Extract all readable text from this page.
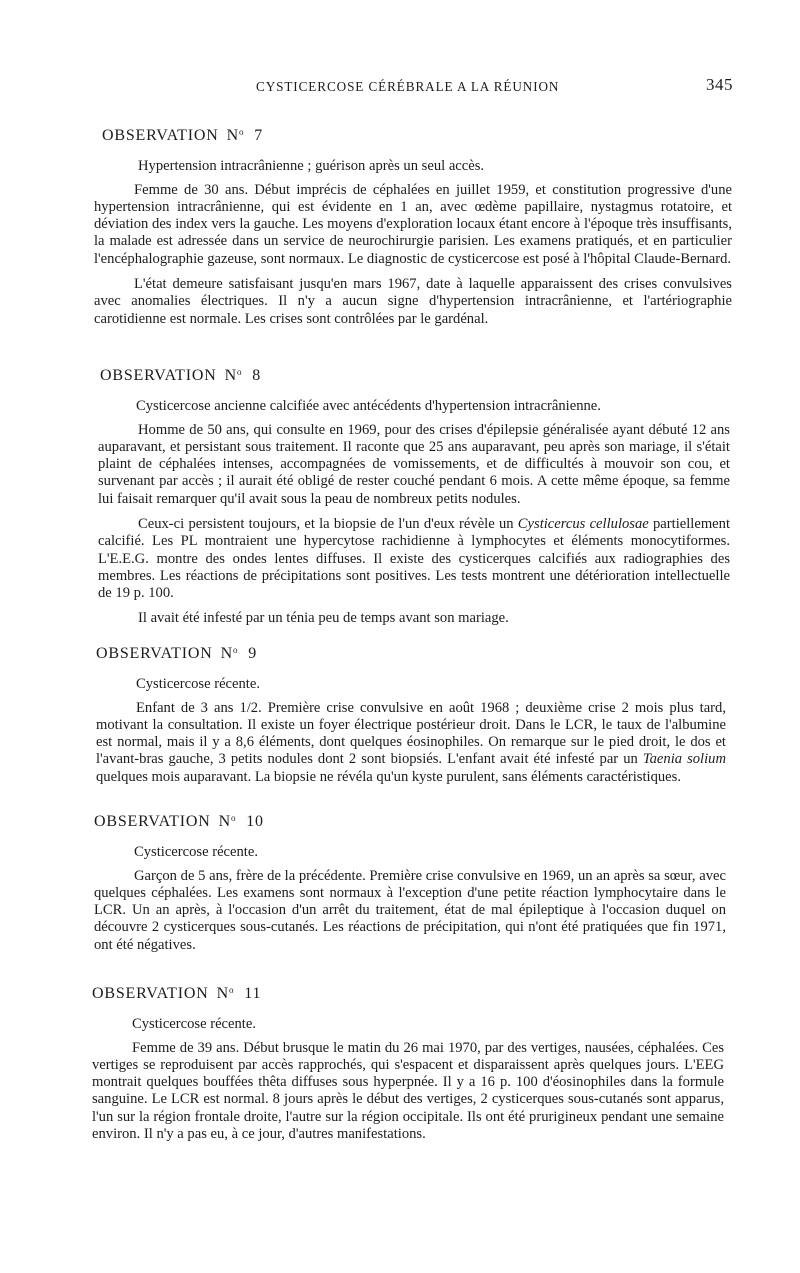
CYSTICERCOSE CÉRÉBRALE A LA RÉUNION	345
OBSERVATION $N^o$ 7

Hypertension intracrânienne ; guérison après un seul accès.

Femme de 30 ans. Début imprécis de céphalées en juillet 1959, et constitution progressive d'une hypertension intracrânienne, qui est évidente en 1 an, avec œdème papillaire, nystagmus rotatoire, et déviation des index vers la gauche. Les moyens d'exploration locaux étant encore à l'époque très insuffisants, la malade est adressée dans un service de neurochirurgie parisien. Les examens pratiqués, et en particulier l'encéphalographie gazeuse, sont normaux. Le diagnostic de cysticercose est posé à l'hôpital Claude-Bernard.

L'état demeure satisfaisant jusqu'en mars 1967, date à laquelle apparaissent des crises convulsives avec anomalies électriques. Il n'y a aucun signe d'hypertension intracrânienne, et l'artériographie carotidienne est normale. Les crises sont contrôlées par le gardénal.

OBSERVATION $N^o$ 8

Cysticercose ancienne calcifiée avec antécédents d'hypertension intracrânienne.

Homme de 50 ans, qui consulte en 1969, pour des crises d'épilepsie généralisée ayant débuté 12 ans auparavant, et persistant sous traitement. Il raconte que 25 ans auparavant, peu après son mariage, il s'était plaint de céphalées intenses, accompagnées de vomissements, et de difficultés à mouvoir son cou, et survenant par accès ; il aurait été obligé de rester couché pendant 6 mois. A cette même époque, sa femme lui faisait remarquer qu'il avait sous la peau de nombreux petits nodules.

Ceux-ci persistent toujours, et la biopsie de l'un d'eux révèle un Cysticercus cellulosae partiellement calcifié. Les PL montraient une hypercytose rachidienne à lymphocytes et éléments monocytiformes. L'E.E.G. montre des ondes lentes diffuses. Il existe des cysticerques calcifiés aux radiographies des membres. Les réactions de précipitations sont positives. Les tests montrent une détérioration intellectuelle de 19 p. 100.

Il avait été infesté par un ténia peu de temps avant son mariage.

OBSERVATION $N^o$ 9

Cysticercose récente.

Enfant de 3 ans 1/2. Première crise convulsive en août 1968 ; deuxième crise 2 mois plus tard, motivant la consultation. Il existe un foyer électrique postérieur droit. Dans le LCR, le taux de l'albumine est normal, mais il y a 8,6 éléments, dont quelques éosinophiles. On remarque sur le pied droit, le dos et l'avant-bras gauche, 3 petits nodules dont 2 sont biopsiés. L'enfant avait été infesté par un Taenia solium quelques mois auparavant. La biopsie ne révéla qu'un kyste purulent, sans éléments caractéristiques.

OBSERVATION $N^o$ 10

Cysticercose récente.

Garçon de 5 ans, frère de la précédente. Première crise convulsive en 1969, un an après sa sœur, avec quelques céphalées. Les examens sont normaux à l'exception d'une petite réaction lymphocytaire dans le LCR. Un an après, à l'occasion d'un arrêt du traitement, état de mal épileptique à l'occasion duquel on découvre 2 cysticerques sous-cutanés. Les réactions de précipitation, qui n'ont été pratiquées que fin 1971, ont été négatives.

OBSERVATION $N^o$ 11

Cysticercose récente.

Femme de 39 ans. Début brusque le matin du 26 mai 1970, par des vertiges, nausées, céphalées. Ces vertiges se reproduisent par accès rapprochés, qui s'espacent et disparaissent après quelques jours. L'EEG montrait quelques bouffées thêta diffuses sous hyperpnée. Il y a 16 p. 100 d'éosinophiles dans la formule sanguine. Le LCR est normal. 8 jours après le début des vertiges, 2 cysticerques sous-cutanés sont apparus, l'un sur la région frontale droite, l'autre sur la région occipitale. Ils ont été prurigineux pendant une semaine environ. Il n'y a pas eu, à ce jour, d'autres manifestations.
